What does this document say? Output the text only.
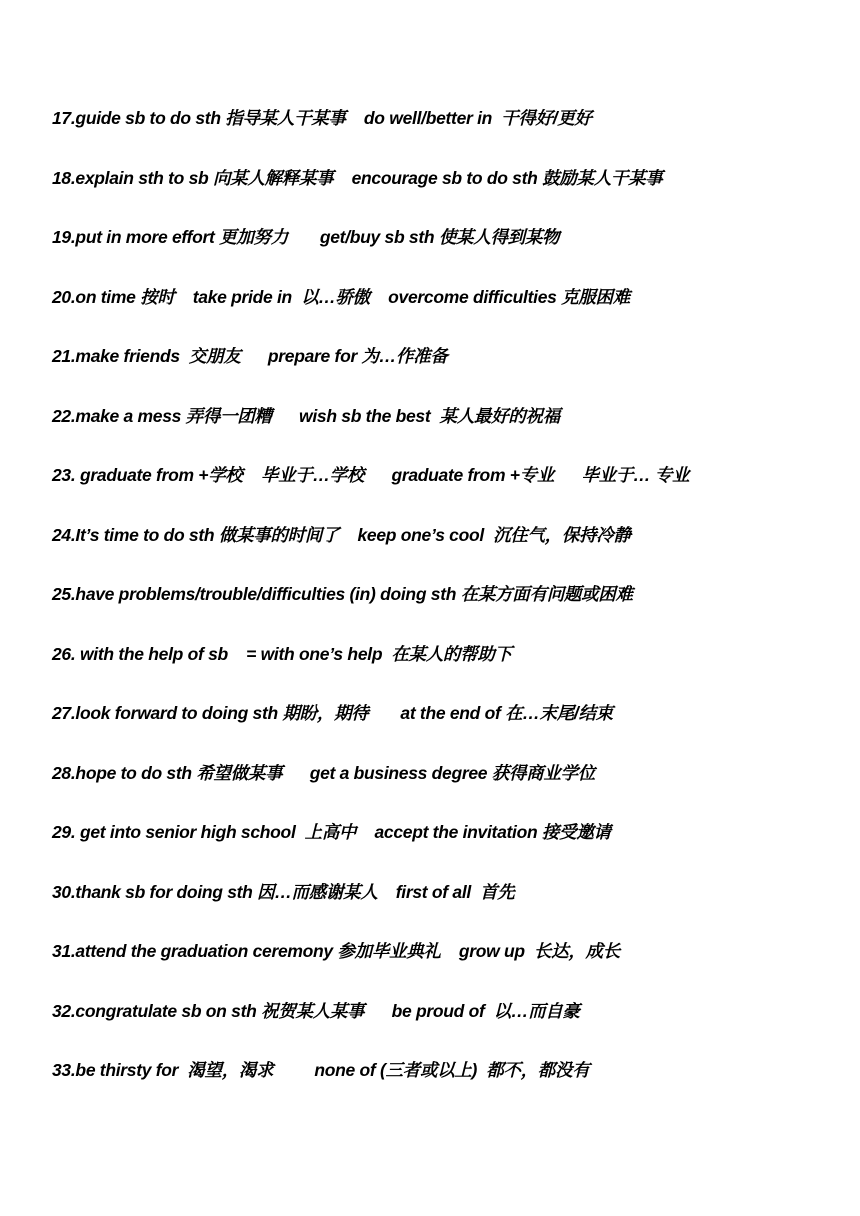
17.guide sb to do sth 指导某人干某事    do well/better in  干得好/更好
18.explain sth to sb 向某人解释某事    encourage sb to do sth 鼓励某人干某事
19.put in more effort 更加努力       get/buy sb sth 使某人得到某物
20.on time 按时    take pride in  以…骄傲    overcome difficulties 克服困难
21.make friends  交朋友      prepare for 为…作准备
22.make a mess 弄得一团糟      wish sb the best  某人最好的祝福
23. graduate from +学校    毕业于…学校      graduate from +专业      毕业于… 专业
24.It’s time to do sth 做某事的时间了    keep one’s cool  沉住气，保持冷静
25.have problems/trouble/difficulties (in) doing sth 在某方面有问题或困难
26. with the help of sb    = with one’s help  在某人的帮助下
27.look forward to doing sth 期盼，期待       at the end of 在…末尾/结束
28.hope to do sth 希望做某事      get a business degree 获得商业学位
29. get into senior high school  上高中    accept the invitation 接受邀请
30.thank sb for doing sth 因…而感谢某人    first of all  首先
31.attend the graduation ceremony 参加毕业典礼    grow up  长达，成长
32.congratulate sb on sth 祝贺某人某事      be proud of  以…而自豪
33.be thirsty for  渴望，渴求         none of (三者或以上)  都不，都没有
